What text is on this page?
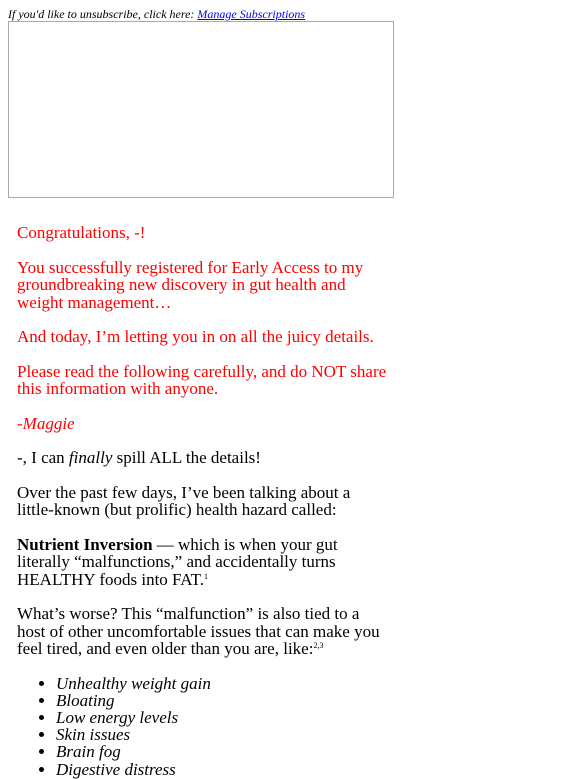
If you'd like to unsubscribe, click here: Manage Subscriptions

Congratulations, -!

You successfully registered for Early Access to my groundbreaking new discovery in gut health and weight management…

And today, I’m letting you in on all the juicy details.

Please read the following carefully, and do NOT share this information with anyone.

-Maggie

-, I can finally spill ALL the details!

Over the past few days, I’ve been talking about a little-known (but prolific) health hazard called:

Nutrient Inversion — which is when your gut literally “malfunctions,” and accidentally turns HEALTHY foods into FAT.$^1$

What’s worse? This “malfunction” is also tied to a host of other uncomfortable issues that can make you feel tired, and even older than you are, like:$^{2,3}$

• Unhealthy weight gain
• Bloating
• Low energy levels
• Skin issues
• Brain fog
• Digestive distress
